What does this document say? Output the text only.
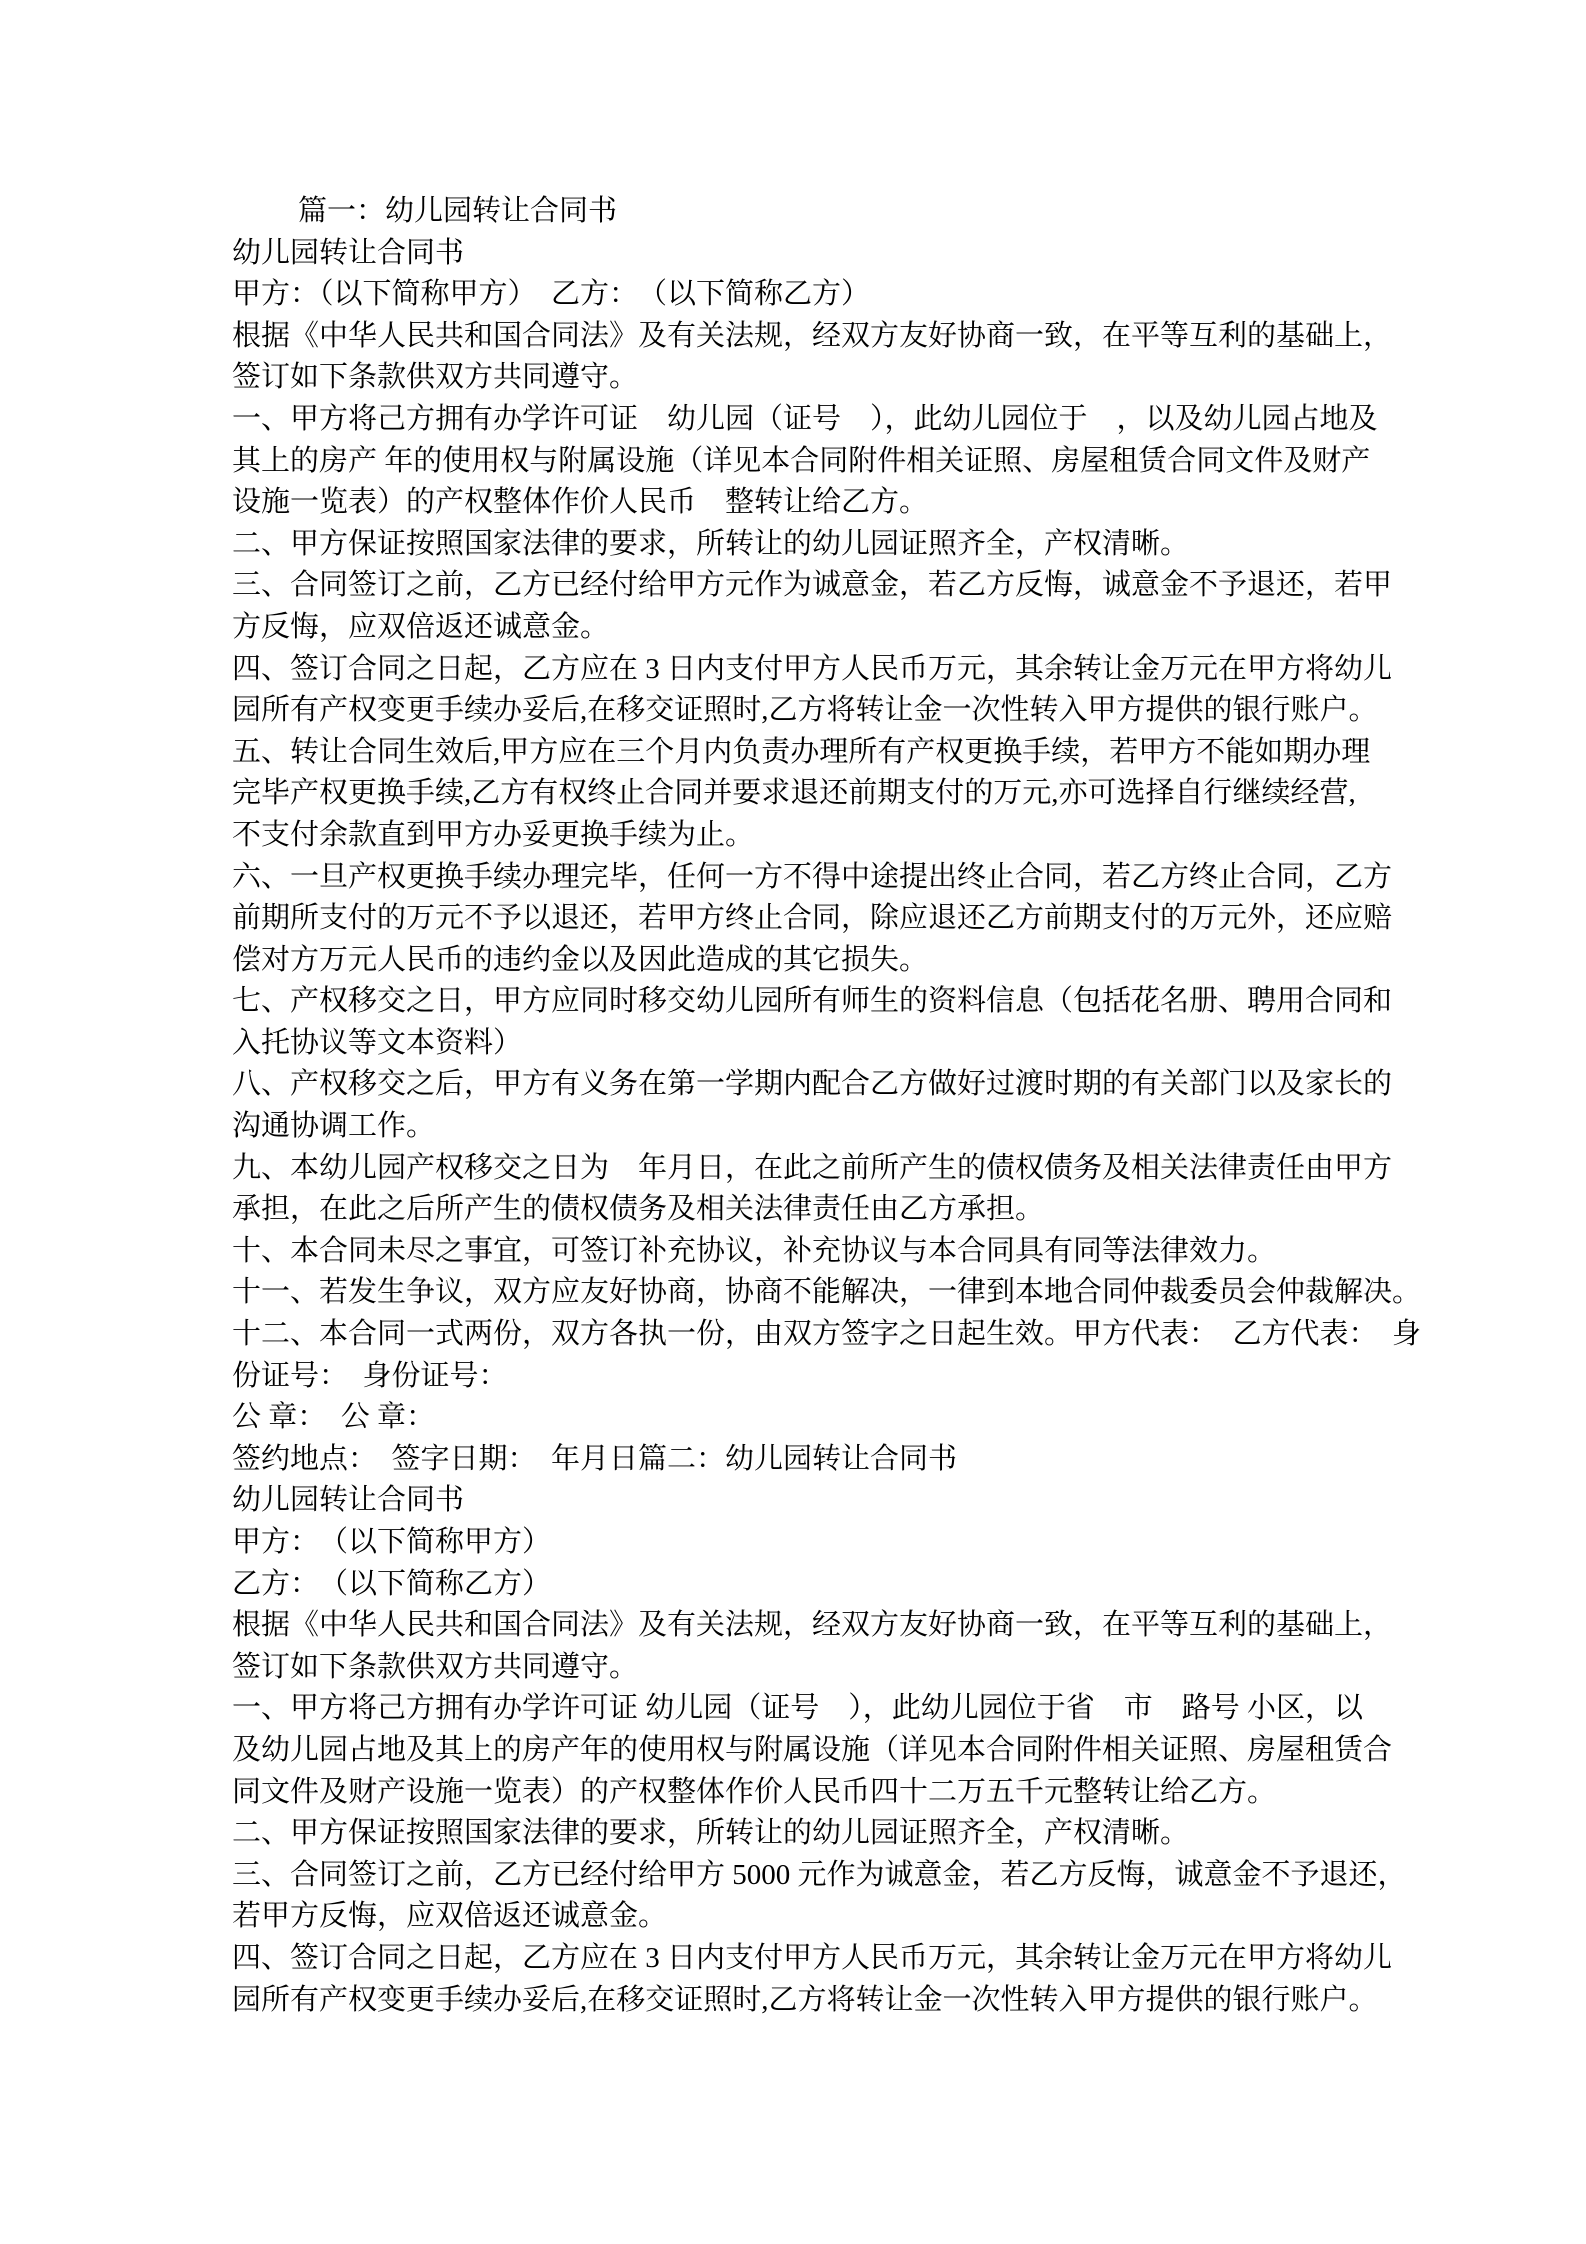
篇一：幼儿园转让合同书
幼儿园转让合同书
甲方：（以下简称甲方）　乙方：　（以下简称乙方）
根据《中华人民共和国合同法》及有关法规，经双方友好协商一致，在平等互利的基础上，
签订如下条款供双方共同遵守。
一、甲方将己方拥有办学许可证　幼儿园（证号　），此幼儿园位于　，以及幼儿园占地及
其上的房产 年的使用权与附属设施（详见本合同附件相关证照、房屋租赁合同文件及财产
设施一览表）的产权整体作价人民币　整转让给乙方。
二、甲方保证按照国家法律的要求，所转让的幼儿园证照齐全，产权清晰。
三、合同签订之前，乙方已经付给甲方元作为诚意金，若乙方反悔，诚意金不予退还，若甲
方反悔，应双倍返还诚意金。
四、签订合同之日起，乙方应在 3 日内支付甲方人民币万元，其余转让金万元在甲方将幼儿
园所有产权变更手续办妥后,在移交证照时,乙方将转让金一次性转入甲方提供的银行账户。
五、转让合同生效后,甲方应在三个月内负责办理所有产权更换手续，若甲方不能如期办理
完毕产权更换手续,乙方有权终止合同并要求退还前期支付的万元,亦可选择自行继续经营,
不支付余款直到甲方办妥更换手续为止。
六、一旦产权更换手续办理完毕，任何一方不得中途提出终止合同，若乙方终止合同，乙方
前期所支付的万元不予以退还，若甲方终止合同，除应退还乙方前期支付的万元外，还应赔
偿对方万元人民币的违约金以及因此造成的其它损失。
七、产权移交之日，甲方应同时移交幼儿园所有师生的资料信息（包括花名册、聘用合同和
入托协议等文本资料）
八、产权移交之后，甲方有义务在第一学期内配合乙方做好过渡时期的有关部门以及家长的
沟通协调工作。
九、本幼儿园产权移交之日为　年月日，在此之前所产生的债权债务及相关法律责任由甲方
承担，在此之后所产生的债权债务及相关法律责任由乙方承担。
十、本合同未尽之事宜，可签订补充协议，补充协议与本合同具有同等法律效力。
十一、若发生争议，双方应友好协商，协商不能解决，一律到本地合同仲裁委员会仲裁解决。
十二、本合同一式两份，双方各执一份，由双方签字之日起生效。甲方代表：　乙方代表：　身
份证号：　身份证号：
公 章：　公 章：
签约地点：　签字日期：　年月日篇二：幼儿园转让合同书
幼儿园转让合同书
甲方：　（以下简称甲方）
乙方：　（以下简称乙方）
根据《中华人民共和国合同法》及有关法规，经双方友好协商一致，在平等互利的基础上，
签订如下条款供双方共同遵守。
一、甲方将己方拥有办学许可证 幼儿园（证号　），此幼儿园位于省　市　路号 小区，以
及幼儿园占地及其上的房产年的使用权与附属设施（详见本合同附件相关证照、房屋租赁合
同文件及财产设施一览表）的产权整体作价人民币四十二万五千元整转让给乙方。
二、甲方保证按照国家法律的要求，所转让的幼儿园证照齐全，产权清晰。
三、合同签订之前，乙方已经付给甲方 5000 元作为诚意金，若乙方反悔，诚意金不予退还，
若甲方反悔，应双倍返还诚意金。
四、签订合同之日起，乙方应在 3 日内支付甲方人民币万元，其余转让金万元在甲方将幼儿
园所有产权变更手续办妥后,在移交证照时,乙方将转让金一次性转入甲方提供的银行账户。
